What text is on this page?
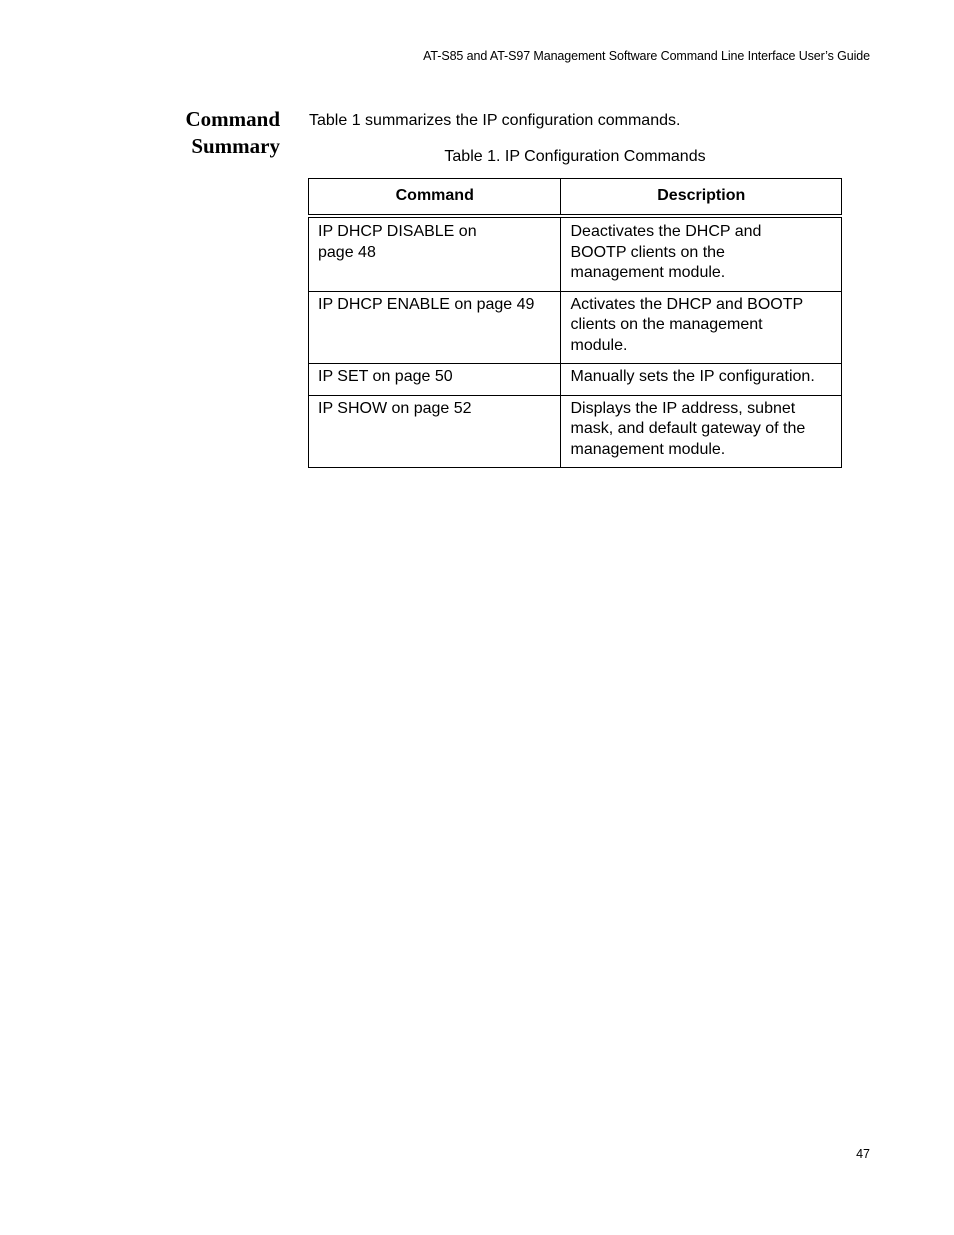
AT-S85 and AT-S97 Management Software Command Line Interface User’s Guide
Command
Summary
Table 1 summarizes the IP configuration commands.
Table 1. IP Configuration Commands
Command	Description
IP DHCP DISABLE on
page 48	Deactivates the DHCP and
BOOTP clients on the
management module.
IP DHCP ENABLE on page 49	Activates the DHCP and BOOTP
clients on the management
module.
IP SET on page 50	Manually sets the IP configuration.
IP SHOW on page 52	Displays the IP address, subnet
mask, and default gateway of the
management module.
47
